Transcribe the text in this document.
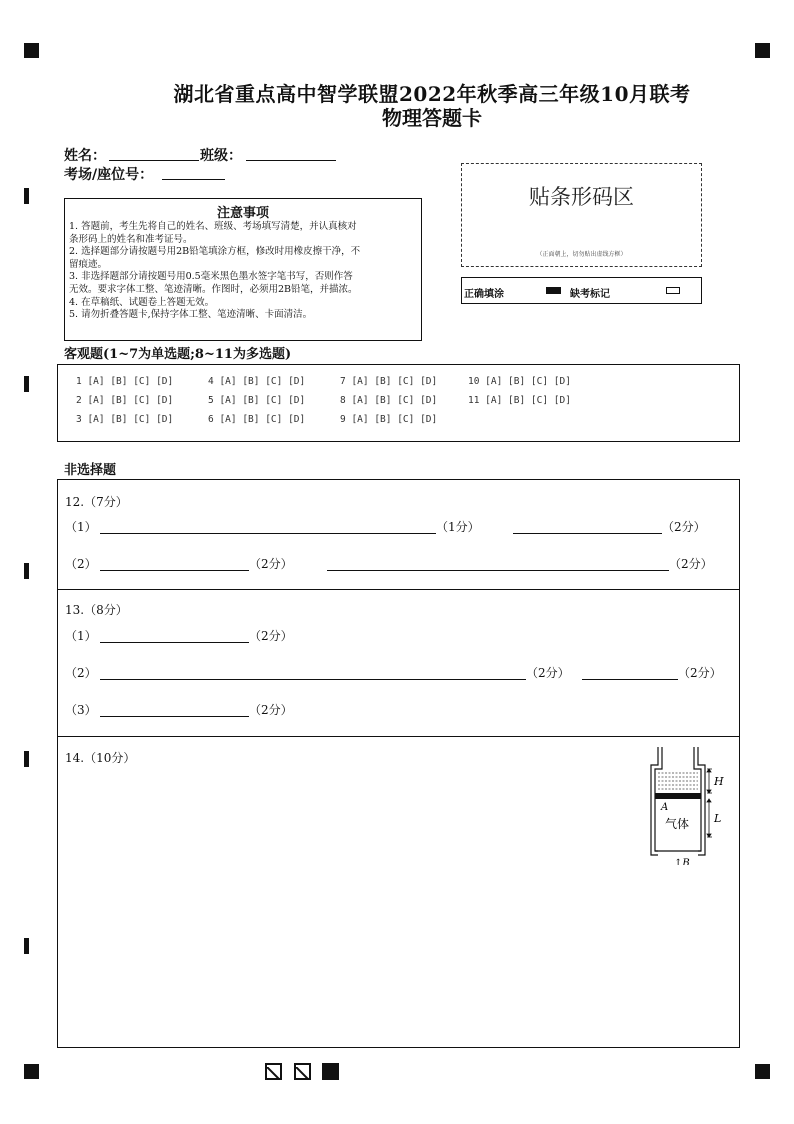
湖北省重点高中智学联盟2022年秋季高三年级10月联考
物理答题卡
姓名：	班级：
考场/座位号：
注意事项
1. 答题前，考生先将自己的姓名、班级、考场填写清楚，并认真核对
条形码上的姓名和准考证号。
2. 选择题部分请按题号用2B铅笔填涂方框，修改时用橡皮擦干净，不
留痕迹。
3. 非选择题部分请按题号用0.5毫米黑色墨水签字笔书写，否则作答
无效。要求字体工整、笔迹清晰。作图时，必须用2B铅笔，并描浓。
4. 在草稿纸、试题卷上答题无效。
5. 请勿折叠答题卡,保持字体工整、笔迹清晰、卡面清洁。
贴条形码区
（正面朝上，切勿贴出虚线方框）
正确填涂	缺考标记
客观题(1~7为单选题;8~11为多选题)
1 [A] [B] [C] [D]
2 [A] [B] [C] [D]
3 [A] [B] [C] [D]
4 [A] [B] [C] [D]
5 [A] [B] [C] [D]
6 [A] [B] [C] [D]
7 [A] [B] [C] [D]
8 [A] [B] [C] [D]
9 [A] [B] [C] [D]
10 [A] [B] [C] [D]
11 [A] [B] [C] [D]
非选择题
12.（7分）
（1）	（1分）	（2分）
（2）	（2分）	（2分）
13.（8分）
（1）	（2分）
（2）	（2分）	（2分）
（3）	（2分）
14.（10分）
H
L
A
气体
↑B
